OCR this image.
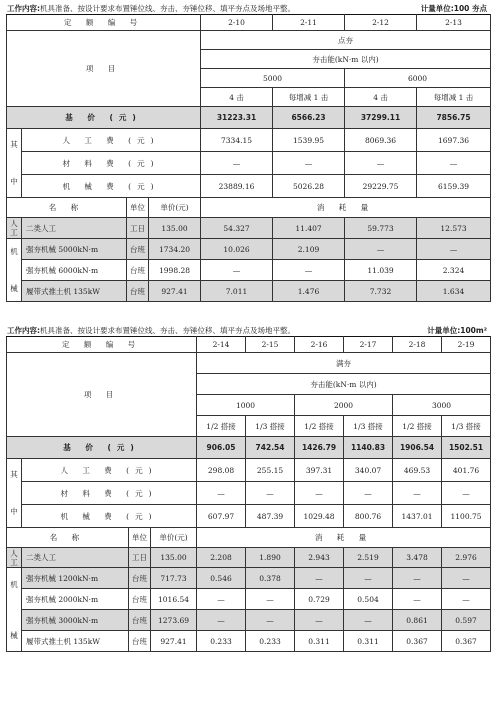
工作内容:机具准备、按设计要求布置锤位线、夯击、夯锤位移、填平夯点及场地平整。	计量单位:100 夯点
定 额 编 号				2-10	2-11	2-12	2-13
项 目				点夯			
				夯击能(kN·m 以内)			
				5000		6000	
				4 击	每增减 1 击	4 击	每增减 1 击
基 价 (元)				31223.31	6566.23	37299.11	7856.75

其
中	人 工 费 (元)			7334.15	1539.95	8069.36	1697.36
	材 料 费 (元)			—	—	—	—
	机 械 费 (元)			23889.16	5026.28	29229.75	6159.39
名 称		单位	单价(元)	消 耗 量			
人工	二类人工	工日	135.00	54.327	11.407	59.773	12.573

机
械	强夯机械 5000kN·m	台班	1734.20	10.026	2.109	—	—
	强夯机械 6000kN·m	台班	1998.28	—	—	11.039	2.324
	履带式推土机 135kW	台班	927.41	7.011	1.476	7.732	1.634
工作内容:机具准备、按设计要求布置锤位线、夯击、夯锤位移、填平夯点及场地平整。	计量单位:100m²
定 额 编 号				2-14	2-15	2-16	2-17	2-18	2-19
项 目				满夯					
				夯击能(kN·m 以内)					
				1000		2000		3000	
				1/2 搭接	1/3 搭接	1/2 搭接	1/3 搭接	1/2 搭接	1/3 搭接
基 价 (元)				906.05	742.54	1426.79	1140.83	1906.54	1502.51

其
中	人 工 费 (元)			298.08	255.15	397.31	340.07	469.53	401.76
	材 料 费 (元)			—	—	—	—	—	—
	机 械 费 (元)			607.97	487.39	1029.48	800.76	1437.01	1100.75
名 称		单位	单价(元)	消 耗 量					
人工	二类人工	工日	135.00	2.208	1.890	2.943	2.519	3.478	2.976

机
械	强夯机械 1200kN·m	台班	717.73	0.546	0.378	—	—	—	—
	强夯机械 2000kN·m	台班	1016.54	—	—	0.729	0.504	—	—
	强夯机械 3000kN·m	台班	1273.69	—	—	—	—	0.861	0.597
	履带式推土机 135kW	台班	927.41	0.233	0.233	0.311	0.311	0.367	0.367
